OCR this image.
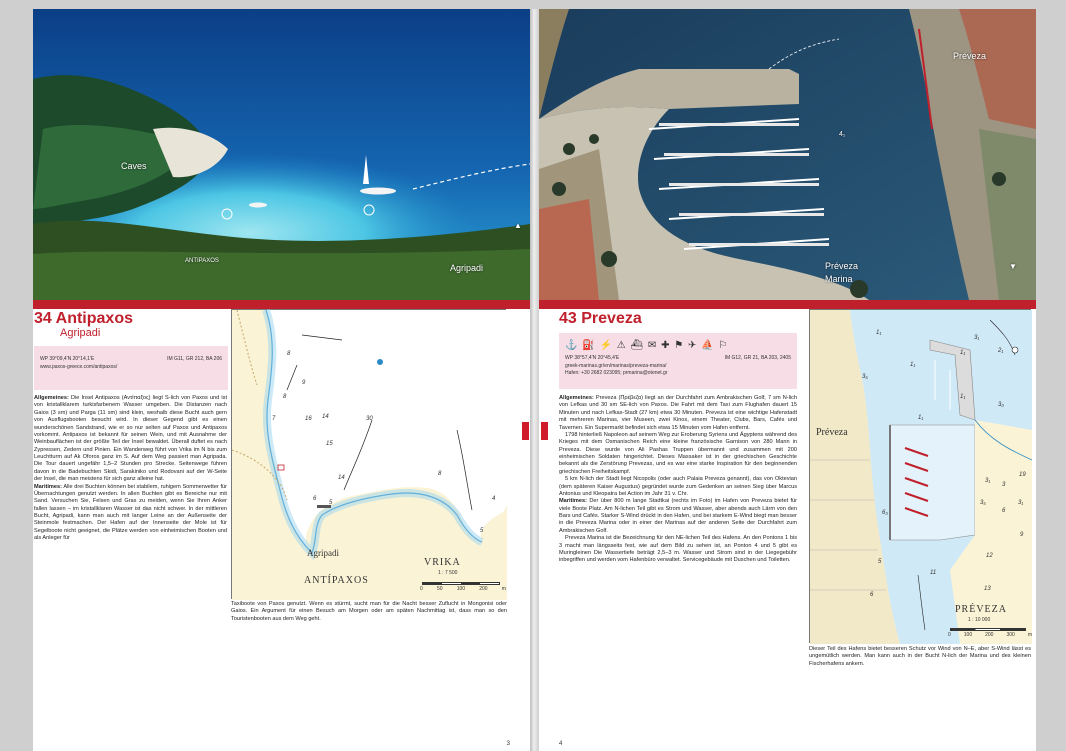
Caves
ANTIPAXOS
Agripadi
▲
34 Antipaxos
Agripadi
WP 39°09,4'N 20°14,1'E	IM G11, GR 212, BA 206
www.paxos-greece.com/antipaxos/

Allgemeines: Die Insel Antipaxos (Αντίπαξος) liegt S-lich von Paxos und ist von kristallklarem turkisfarbenem Wasser umgeben. Die Distanzen nach Gaios (3 sm) und Parga (11 sm) sind klein, weshalb diese Bucht auch gern von Ausflugsbooten besucht wird. In dieser Gegend gibt es einen wunderschönen Sandstrand, wie er so nur selten auf Paxos und Antipaxos vorkommt. Antipaxos ist bekannt für seinen Wein, und mit Ausnahme der Weinbauflächen ist der größte Teil der Insel bewaldet. Überall duftet es nach Zypressen, Zedern und Pinien. Ein Wanderweg führt von Vrika im N bis zum Leuchtturm auf Ak Oforos ganz im S. Auf dem Weg passiert man Agripada. Die Tour dauert ungefähr 1,5–2 Stunden pro Strecke. Seitenwege führen davon in die Badebuchten Skidi, Sarakiniko und Rodovani auf der W-Seite der Insel, die man meistens für sich ganz alleine hat.

Maritimes: Alle drei Buchten können bei stabilem, ruhigem Sommerwetter für Übernachtungen genutzt werden. In allen Buchten gibt es Bereiche nur mit Sand. Versuchen Sie, Felsen und Gras zu meiden, wenn Sie Ihren Anker fallen lassen – im kristallklaren Wasser ist das nicht schwer. In der mittleren Bucht, Agripadi, kann man auch mit langer Leine an der Außenseite der Steinmole festmachen. Der Hafen auf der Innenseite der Mole ist für Segelboote nicht geeignet, die Plätze werden von einheimischen Booten und als Anleger für

8
9
8
7	16 14	30
15
14
6
5
8
4
5
Agripadi
VRIKA
ANTÍPAXOS
1 : 7 500
0	50	100	200	m
Taxiboote von Paxos genutzt. Wenn es stürmt, sucht man für die Nacht besser Zuflucht in Mongonisi oder Gaios. Ein Argument für einen Besuch am Morgen oder am späten Nachmittag ist, dass man so den Touristenbooten aus dem Weg geht.
3
Préveza
Préveza
Marina
4₁
▼
43 Preveza
⚓ ⛽ ⚡ ⚠ ⛴ ✉ ✚ ⚑ ✈ ⛵ ⚐
WP 38°57,4'N 20°45,4'E	IM G12, GR 21, BA 203, 2405
greek-marinas.gr/en/marinas/preveza-marina/
Hafen: +30 2682 023095; prmarina@otenet.gr

Allgemeines: Preveza (Πρέβεζα) liegt an der Durchfahrt zum Ambrakischen Golf, 7 sm N-lich von Lefkas und 30 sm SE-lich von Paxos. Die Fahrt mit dem Taxi zum Flughafen dauert 15 Minuten und nach Lefkas-Stadt (27 km) etwa 30 Minuten. Preveza ist eine wichtige Hafenstadt mit mehreren Marinas, vier Museen, zwei Kinos, einem Theater, Clubs, Bars, Cafés und Tavernen. Ein Supermarkt befindet sich etwa 15 Minuten vom Hafen entfernt.

1798 hinterließ Napoleon auf seinem Weg zur Eroberung Syriens und Ägyptens während des Krieges mit dem Osmanischen Reich eine kleine französische Garnison von 280 Mann in Preveza. Diese wurde von Ali Pashas Truppen übermannt und zusammen mit 200 einheimischen Soldaten hingerichtet. Dieses Massaker ist in der griechischen Geschichte bekannt als die Zerstörung Prevezas, und es war eine starke Inspiration für den beginnenden griechischen Freiheitskampf.

5 km N-lich der Stadt liegt Nicopolis (oder auch Palaia Preveza genannt), das von Oktevian (dem späteren Kaiser Augustus) gegründet wurde zum Gedenken an seinen Sieg über Marcus Antonius und Kleopatra bei Action im Jahr 31 v. Chr.

Maritimes: Der über 800 m lange Stadtkai (rechts im Foto) im Hafen von Preveza bietet für viele Boote Platz. Am N-lichen Teil gibt es Strom und Wasser, aber abends auch Lärm von den Bars und Cafés. Starker S-Wind drückt in den Hafen, und bei starkem E-Wind biegt man besser in die Preveza Marina oder in einer der Marinas auf der anderen Seite der Durchfahrt zum Ambrakischen Golf.

Preveza Marina ist die Bezeichnung für den NE-lichen Teil des Hafens. An den Pontons 1 bis 3 macht man längsseits fest, wie auf dem Bild zu sehen ist, an Ponton 4 und 5 gibt es Muringleinen Die Wassertiefe beträgt 2,5–3 m. Wasser und Strom sind in der Liegegebühr inbegriffen und werden vom Hafenbüro verwaltet. Servicegebäude mit Duschen und Toiletten.

1₁
3₁
2₁
1₁
1₁
1₁
1₁
3₅
3₁
3
3₁
3₅
6
9
12
11
13
19
3₀
6₃
5
6
Préveza
PRÉVEZA
1 : 10 000
0	100	200	300	m
Dieser Teil des Hafens bietet besseren Schutz vor Wind von N–E, aber S-Wind lässt es ungemütlich werden. Man kann auch in der Bucht N-lich der Marina und des kleinen Fischerhafens ankern.
4
